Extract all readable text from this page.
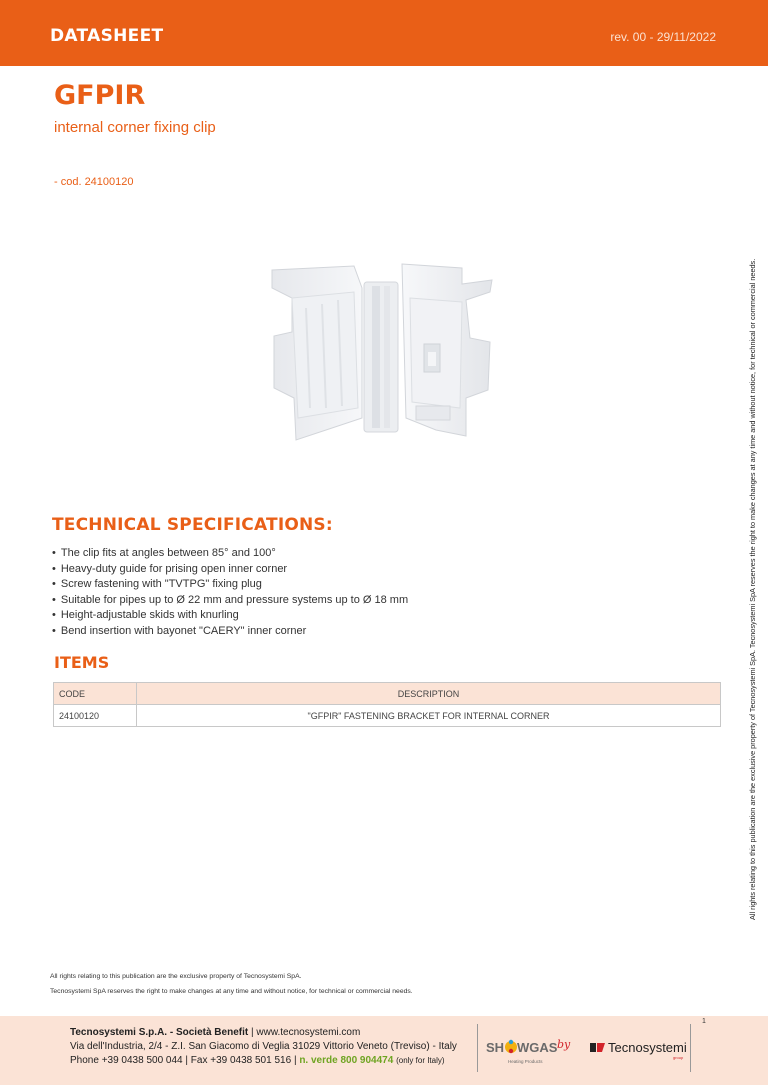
DATASHEET	rev. 00 - 29/11/2022
GFPIR
internal corner fixing clip
- cod. 24100120
TECHNICAL SPECIFICATIONS:
• The clip fits at angles between 85° and 100°
• Heavy-duty guide for prising open inner corner
• Screw fastening with "TVTPG" fixing plug
• Suitable for pipes up to Ø 22 mm and pressure systems up to Ø 18 mm
• Height-adjustable skids with knurling
• Bend insertion with bayonet "CAERY" inner corner
ITEMS
CODE	DESCRIPTION
24100120	"GFPIR" FASTENING BRACKET FOR INTERNAL CORNER	All rights relating to this publication are the exclusive property of Tecnosystemi SpA. Tecnosystemi SpA reserves the right to make changes at any time and without notice, for technical or commercial needs.
All rights relating to this publication are the exclusive property of Tecnosystemi SpA.
Tecnosystemi SpA reserves the right to make changes at any time and without notice, for technical or commercial needs.
1
Tecnosystemi S.p.A. - Società Benefit | www.tecnosystemi.com
Via dell'Industria, 2/4 - Z.I. San Giacomo di Veglia 31029 Vittorio Veneto (Treviso) - Italy
Phone +39 0438 500 044 | Fax +39 0438 501 516 | n. verde 800 904474 (only for Italy)
SH WGAS
Heating Products
by	Tecnosystemi
group
